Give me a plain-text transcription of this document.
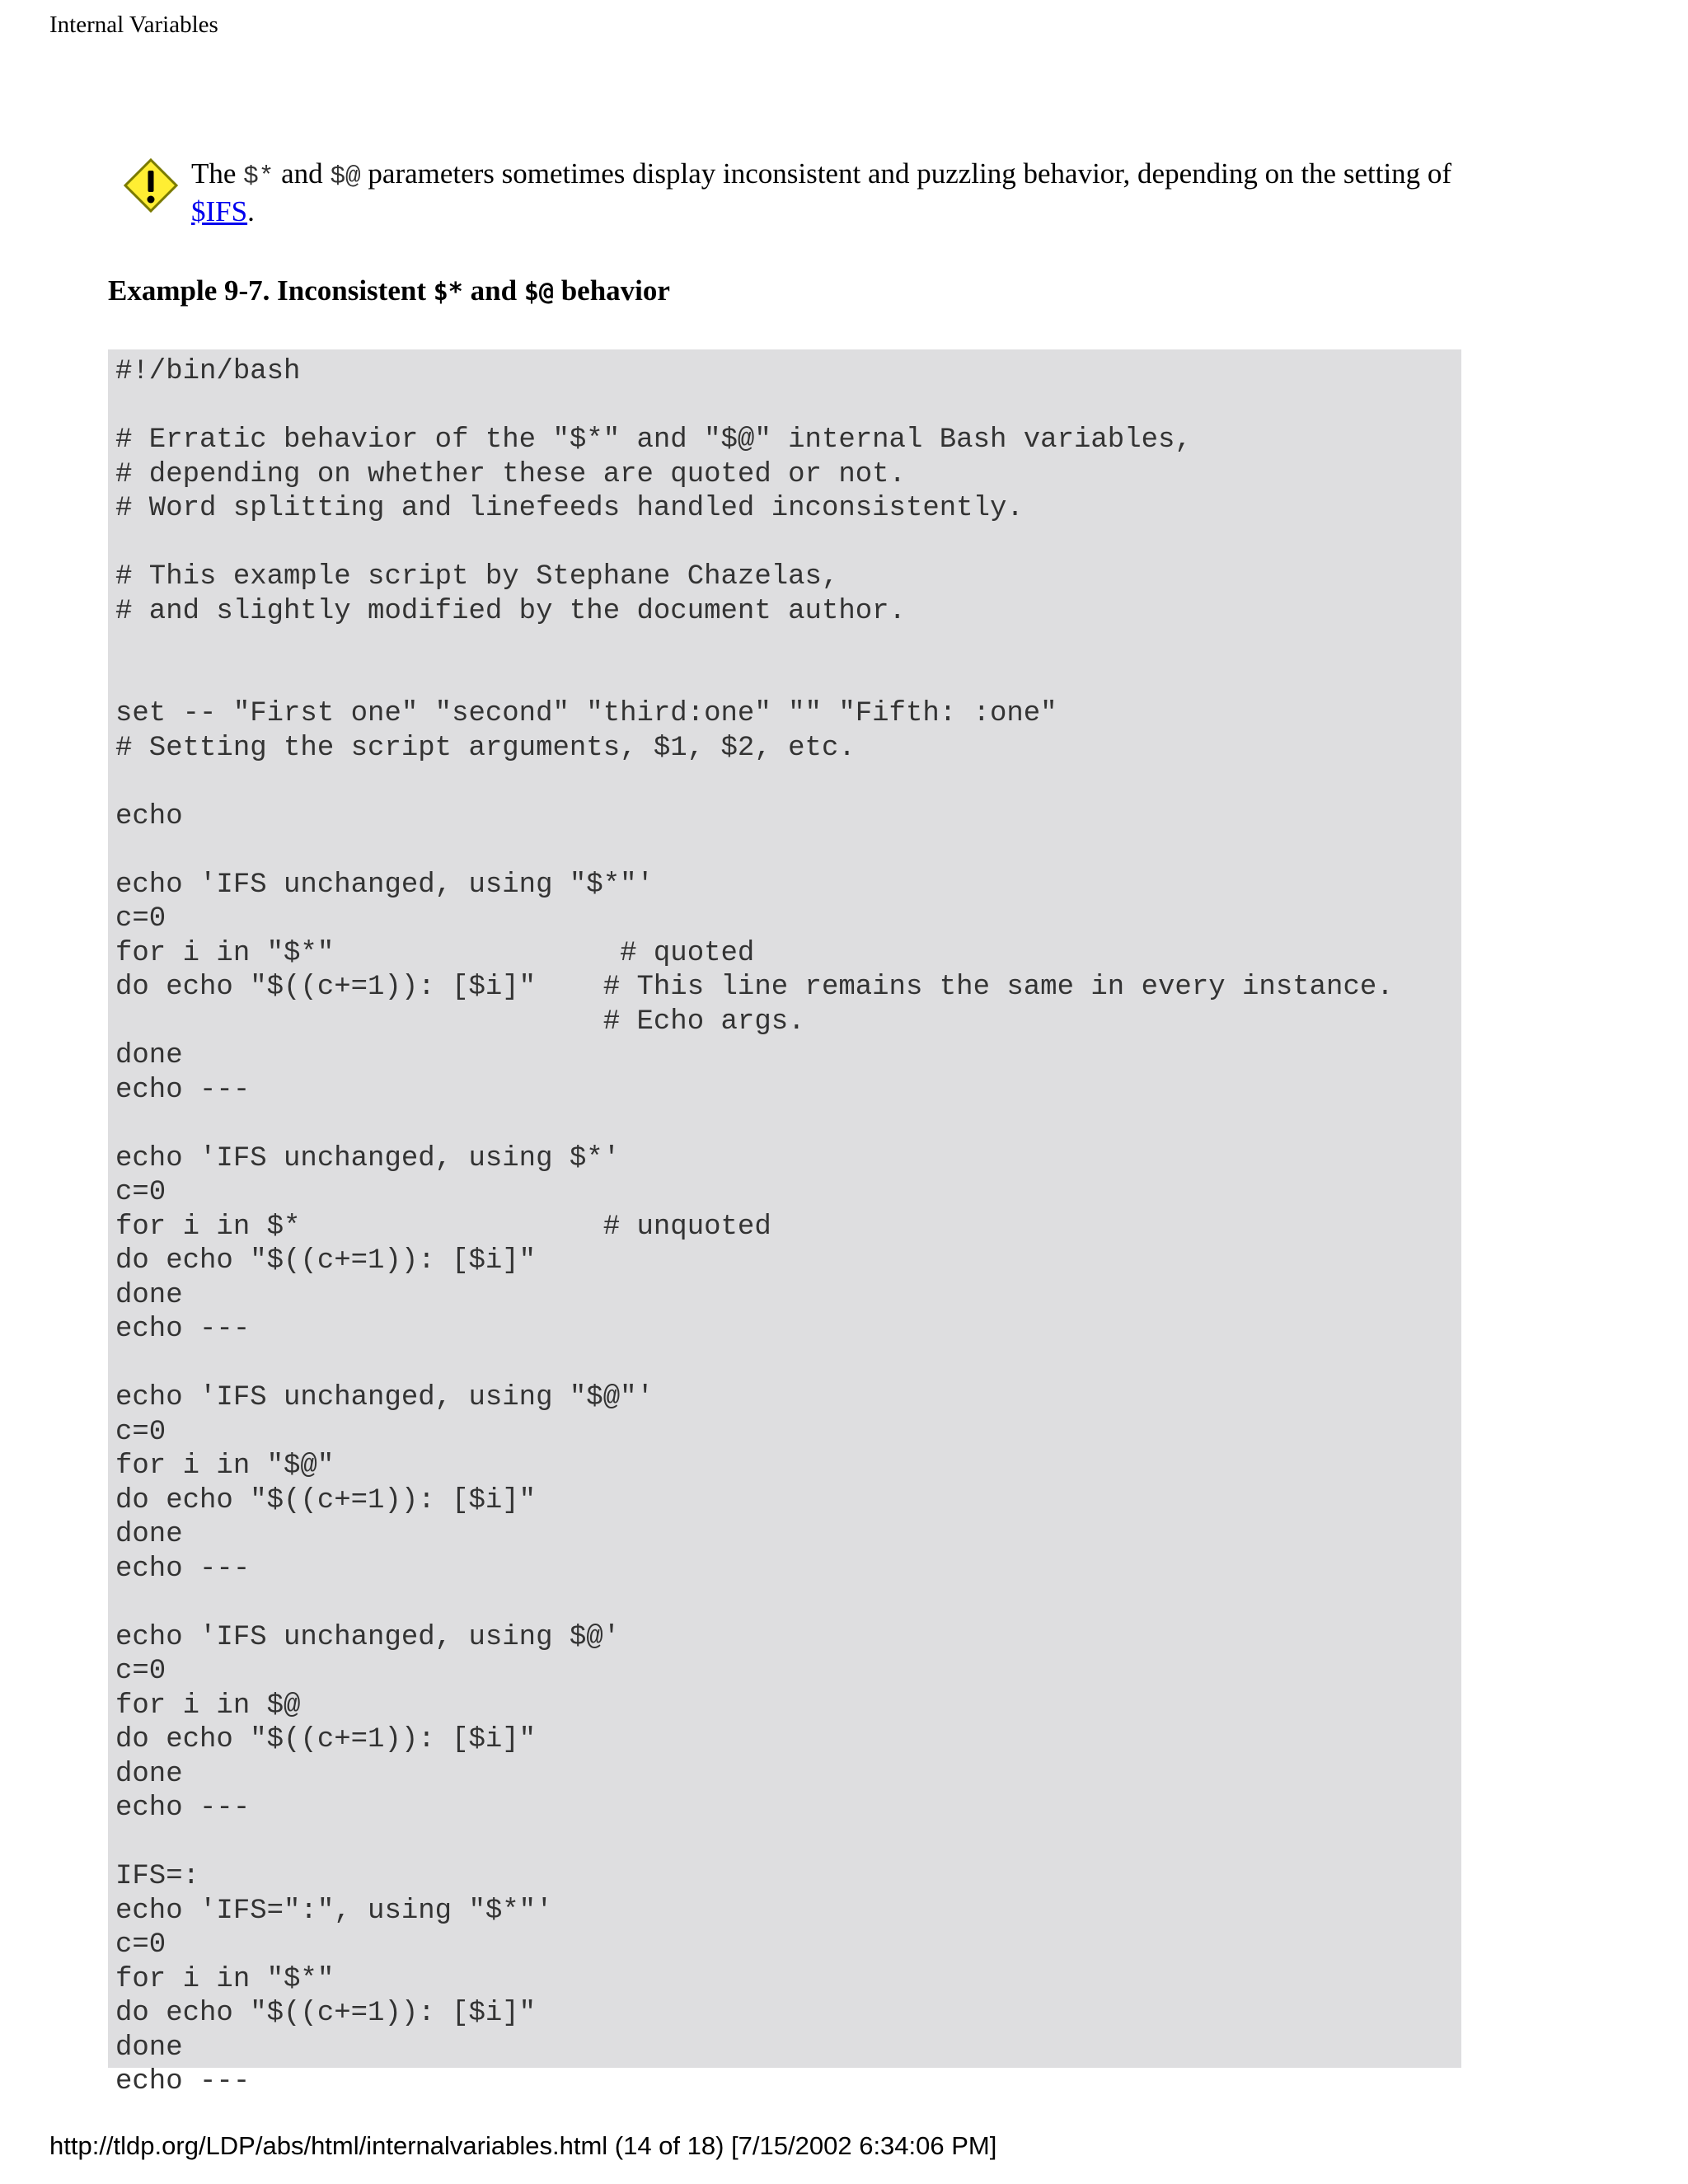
Internal Variables
The $* and $@ parameters sometimes display inconsistent and puzzling behavior, depending on the setting of $IFS.
Example 9-7. Inconsistent $* and $@ behavior
#!/bin/bash

# Erratic behavior of the "$*" and "$@" internal Bash variables,
# depending on whether these are quoted or not.
# Word splitting and linefeeds handled inconsistently.

# This example script by Stephane Chazelas,
# and slightly modified by the document author.

set -- "First one" "second" "third:one" "" "Fifth: :one"
# Setting the script arguments, $1, $2, etc.

echo

echo 'IFS unchanged, using "$*"'
c=0
for i in "$*"                 # quoted
do echo "$((c+=1)): [$i]"    # This line remains the same in every instance.
# Echo args.
done
echo ---

echo 'IFS unchanged, using $*'
c=0
for i in $*                  # unquoted
do echo "$((c+=1)): [$i]"
done
echo ---

echo 'IFS unchanged, using "$@"'
c=0
for i in "$@"
do echo "$((c+=1)): [$i]"
done
echo ---

echo 'IFS unchanged, using $@'
c=0
for i in $@
do echo "$((c+=1)): [$i]"
done
echo ---

IFS=:
echo 'IFS=":", using "$*"'
c=0
for i in "$*"
do echo "$((c+=1)): [$i]"
done
echo ---
http://tldp.org/LDP/abs/html/internalvariables.html (14 of 18) [7/15/2002 6:34:06 PM]
